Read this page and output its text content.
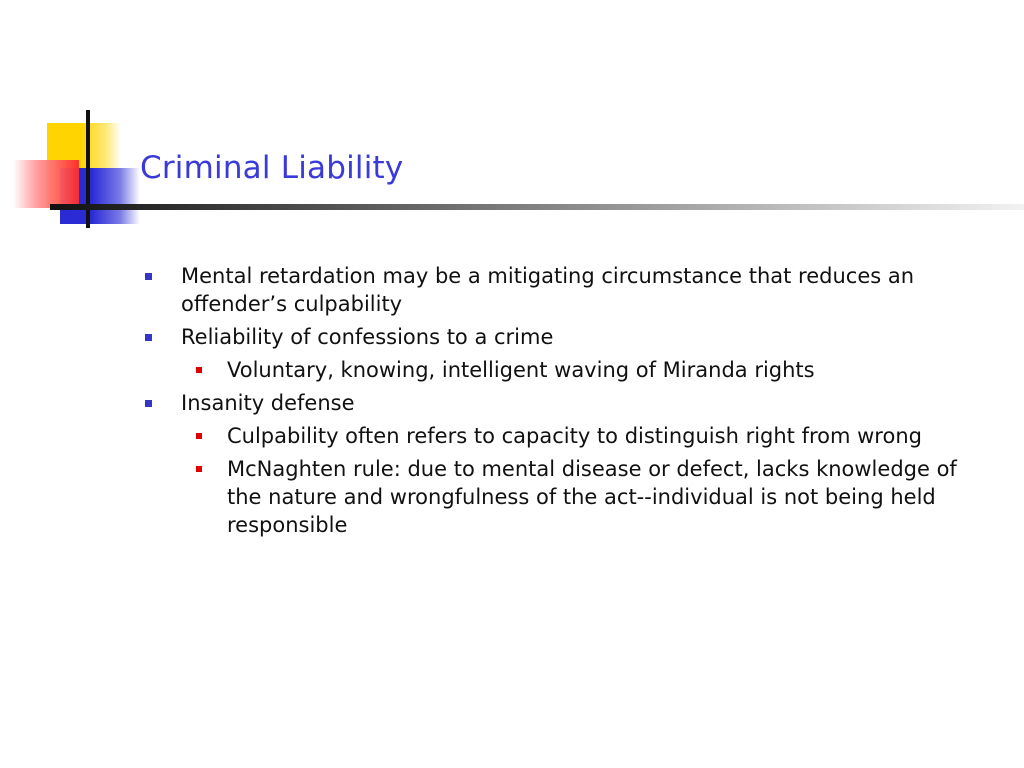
Criminal Liability
Mental retardation may be a mitigating circumstance that reduces an offender’s culpability
Reliability of confessions to a crime
Voluntary, knowing, intelligent waving of Miranda rights
Insanity defense
Culpability often refers to capacity to distinguish right from wrong
McNaghten rule: due to mental disease or defect, lacks knowledge of the nature and wrongfulness of the act--individual is not being held responsible
